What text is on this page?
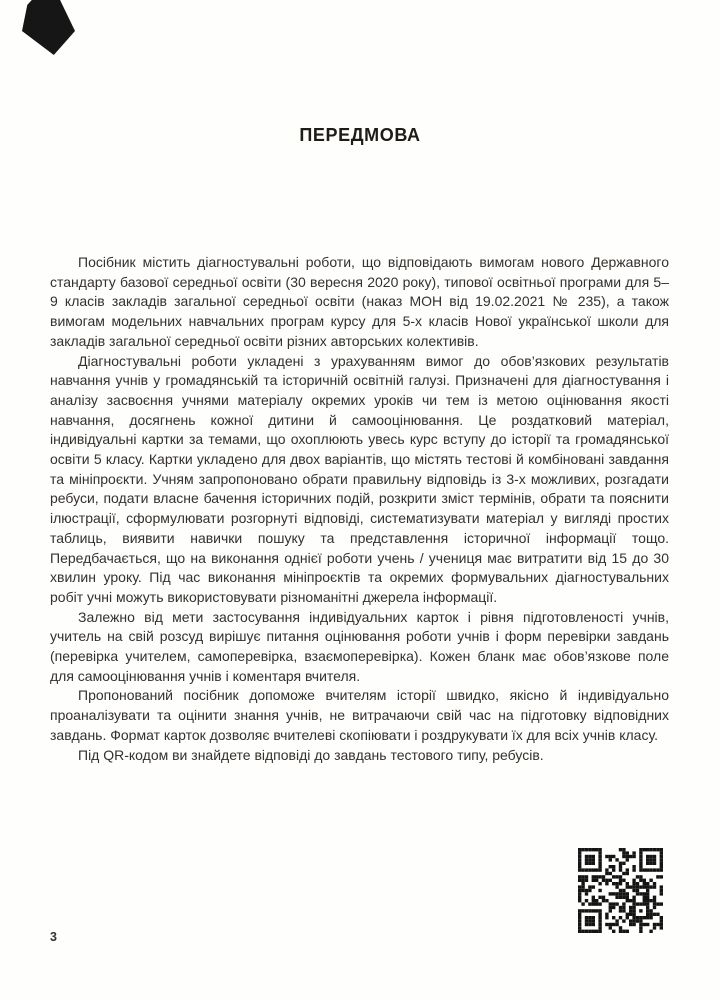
ПЕРЕДМОВА

Посібник містить діагностувальні роботи, що відповідають вимогам нового Державного стандарту базової середньої освіти (30 вересня 2020 року), типової освітньої програми для 5–9 класів закладів загальної середньої освіти (наказ МОН від 19.02.2021 № 235), а також вимогам модельних навчальних програм курсу для 5-х класів Нової української школи для закладів загальної середньої освіти різних авторських колективів.

Діагностувальні роботи укладені з урахуванням вимог до обов’язкових результатів навчання учнів у громадянській та історичній освітній галузі. Призначені для діагностування і аналізу засвоєння учнями матеріалу окремих уроків чи тем із метою оцінювання якості навчання, досягнень кожної дитини й самооцінювання. Це роздатковий матеріал, індивідуальні картки за темами, що охоплюють увесь курс вступу до історії та громадянської освіти 5 класу. Картки укладено для двох варіантів, що містять тестові й комбіновані завдання та мініпроєкти. Учням запропоновано обрати правильну відповідь із 3-х можливих, розгадати ребуси, подати власне бачення історичних подій, розкрити зміст термінів, обрати та пояснити ілюстрації, сформулювати розгорнуті відповіді, систематизувати матеріал у вигляді простих таблиць, виявити навички пошуку та представлення історичної інформації тощо. Передбачається, що на виконання однієї роботи учень / учениця має витратити від 15 до 30 хвилин уроку. Під час виконання мініпроєктів та окремих формувальних діагностувальних робіт учні можуть використовувати різноманітні джерела інформації.

Залежно від мети застосування індивідуальних карток і рівня підготовленості учнів, учитель на свій розсуд вирішує питання оцінювання роботи учнів і форм перевірки завдань (перевірка учителем, самоперевірка, взаємоперевірка). Кожен бланк має обов’язкове поле для самооцінювання учнів і коментаря вчителя.

Пропонований посібник допоможе вчителям історії швидко, якісно й індивідуально проаналізувати та оцінити знання учнів, не витрачаючи свій час на підготовку відповідних завдань. Формат карток дозволяє вчителеві скопіювати і роздрукувати їх для всіх учнів класу.

Під QR-кодом ви знайдете відповіді до завдань тестового типу, ребусів.

3
